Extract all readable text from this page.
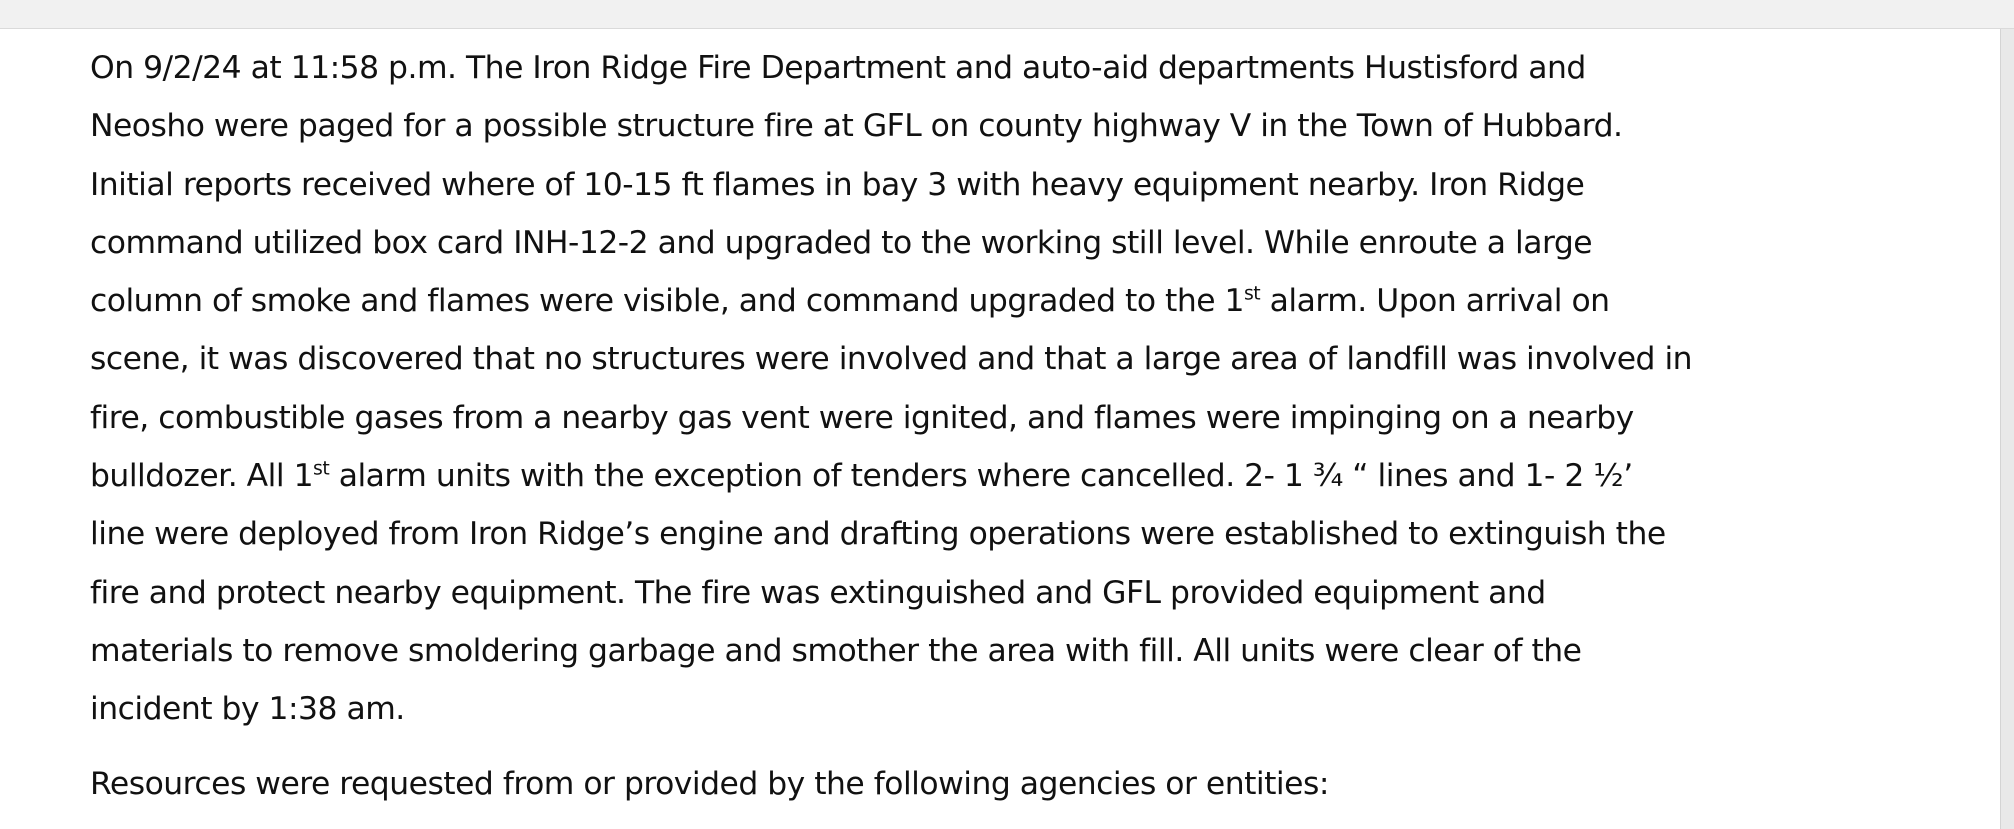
On 9/2/24 at 11:58 p.m. The Iron Ridge Fire Department and auto-aid departments Hustisford and
Neosho were paged for a possible structure fire at GFL on county highway V in the Town of Hubbard.
Initial reports received where of 10-15 ft flames in bay 3 with heavy equipment nearby. Iron Ridge
command utilized box card INH-12-2 and upgraded to the working still level. While enroute a large
column of smoke and flames were visible, and command upgraded to the 1st alarm. Upon arrival on
scene, it was discovered that no structures were involved and that a large area of landfill was involved in
fire, combustible gases from a nearby gas vent were ignited, and flames were impinging on a nearby
bulldozer. All 1st alarm units with the exception of tenders where cancelled. 2- 1 ¾ “ lines and 1- 2 ½’
line were deployed from Iron Ridge’s engine and drafting operations were established to extinguish the
fire and protect nearby equipment. The fire was extinguished and GFL provided equipment and
materials to remove smoldering garbage and smother the area with fill. All units were clear of the
incident by 1:38 am.
Resources were requested from or provided by the following agencies or entities:
